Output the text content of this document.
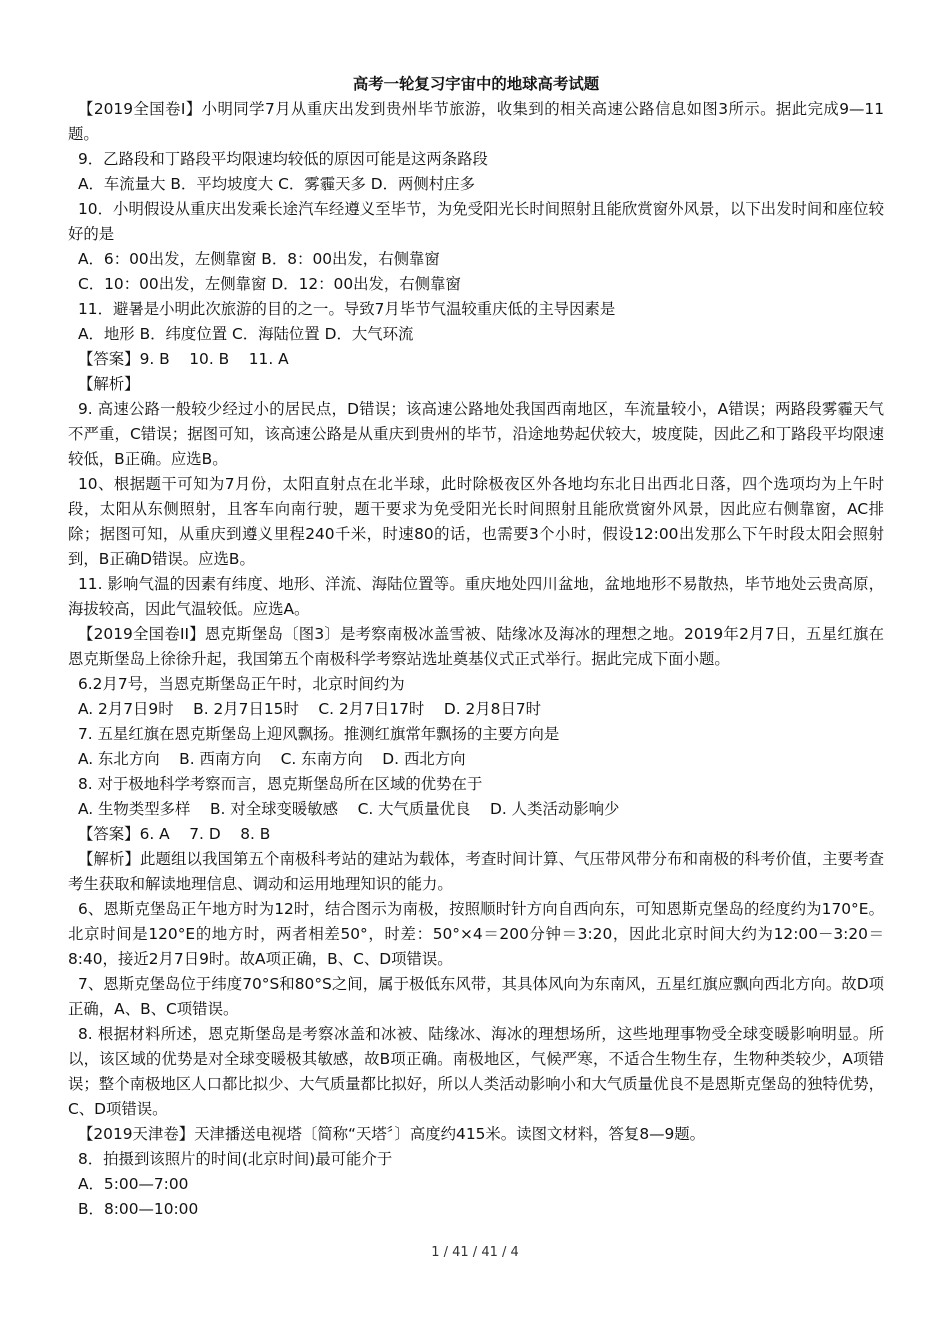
高考一轮复习宇宙中的地球高考试题

【2019全国卷Ⅰ】小明同学7月从重庆出发到贵州毕节旅游，收集到的相关高速公路信息如图3所示。据此完成9—11题。

9．乙路段和丁路段平均限速均较低的原因可能是这两条路段

A．车流量大 B．平均坡度大 C．雾霾天多 D．两侧村庄多

10．小明假设从重庆出发乘长途汽车经遵义至毕节，为免受阳光长时间照射且能欣赏窗外风景，以下出发时间和座位较好的是

A．6：00出发，左侧靠窗 B．8：00出发，右侧靠窗

C．10：00出发，左侧靠窗 D．12：00出发，右侧靠窗

11．避暑是小明此次旅游的目的之一。导致7月毕节气温较重庆低的主导因素是

A．地形 B．纬度位置 C．海陆位置 D．大气环流

【答案】9. B    10. B    11. A

【解析】

9. 高速公路一般较少经过小的居民点，D错误；该高速公路地处我国西南地区，车流量较小，A错误；两路段雾霾天气不严重，C错误；据图可知，该高速公路是从重庆到贵州的毕节，沿途地势起伏较大，坡度陡，因此乙和丁路段平均限速较低，B正确。应选B。

10、根据题干可知为7月份，太阳直射点在北半球，此时除极夜区外各地均东北日出西北日落，四个选项均为上午时段，太阳从东侧照射，且客车向南行驶，题干要求为免受阳光长时间照射且能欣赏窗外风景，因此应右侧靠窗，AC排除；据图可知，从重庆到遵义里程240千米，时速80的话，也需要3个小时，假设12:00出发那么下午时段太阳会照射到，B正确D错误。应选B。

11. 影响气温的因素有纬度、地形、洋流、海陆位置等。重庆地处四川盆地，盆地地形不易散热，毕节地处云贵高原，海拔较高，因此气温较低。应选A。

【2019全国卷II】恩克斯堡岛〔图3〕是考察南极冰盖雪被、陆缘冰及海冰的理想之地。2019年2月7日，五星红旗在恩克斯堡岛上徐徐升起，我国第五个南极科学考察站选址奠基仪式正式举行。据此完成下面小题。

6.2月7号，当恩克斯堡岛正午时，北京时间约为

A. 2月7日9时    B. 2月7日15时    C. 2月7日17时    D. 2月8日7时

7. 五星红旗在恩克斯堡岛上迎风飘扬。推测红旗常年飘扬的主要方向是

A. 东北方向    B. 西南方向    C. 东南方向    D. 西北方向

8. 对于极地科学考察而言，恩克斯堡岛所在区域的优势在于

A. 生物类型多样    B. 对全球变暖敏感    C. 大气质量优良    D. 人类活动影响少

【答案】6. A    7. D    8. B

【解析】此题组以我国第五个南极科考站的建站为载体，考查时间计算、气压带风带分布和南极的科考价值，主要考查考生获取和解读地理信息、调动和运用地理知识的能力。

6、恩斯克堡岛正午地方时为12时，结合图示为南极，按照顺时针方向自西向东，可知恩斯克堡岛的经度约为170°E。北京时间是120°E的地方时，两者相差50°，时差：50°×4＝200分钟＝3:20，因此北京时间大约为12:00－3:20＝8:40，接近2月7日9时。故A项正确，B、C、D项错误。

7、恩斯克堡岛位于纬度70°S和80°S之间，属于极低东风带，其具体风向为东南风，五星红旗应飘向西北方向。故D项正确，A、B、C项错误。

8. 根据材料所述，恩克斯堡岛是考察冰盖和冰被、陆缘冰、海冰的理想场所，这些地理事物受全球变暖影响明显。所以，该区域的优势是对全球变暖极其敏感，故B项正确。南极地区，气候严寒，不适合生物生存，生物种类较少，A项错误；整个南极地区人口都比拟少、大气质量都比拟好，所以人类活动影响小和大气质量优良不是恩斯克堡岛的独特优势，C、D项错误。

【2019天津卷】天津播送电视塔〔简称“天塔〞〕高度约415米。读图文材料，答复8—9题。

8．拍摄到该照片的时间(北京时间)最可能介于

A．5:00—7:00

B．8:00—10:00

1 / 41 / 41 / 4
